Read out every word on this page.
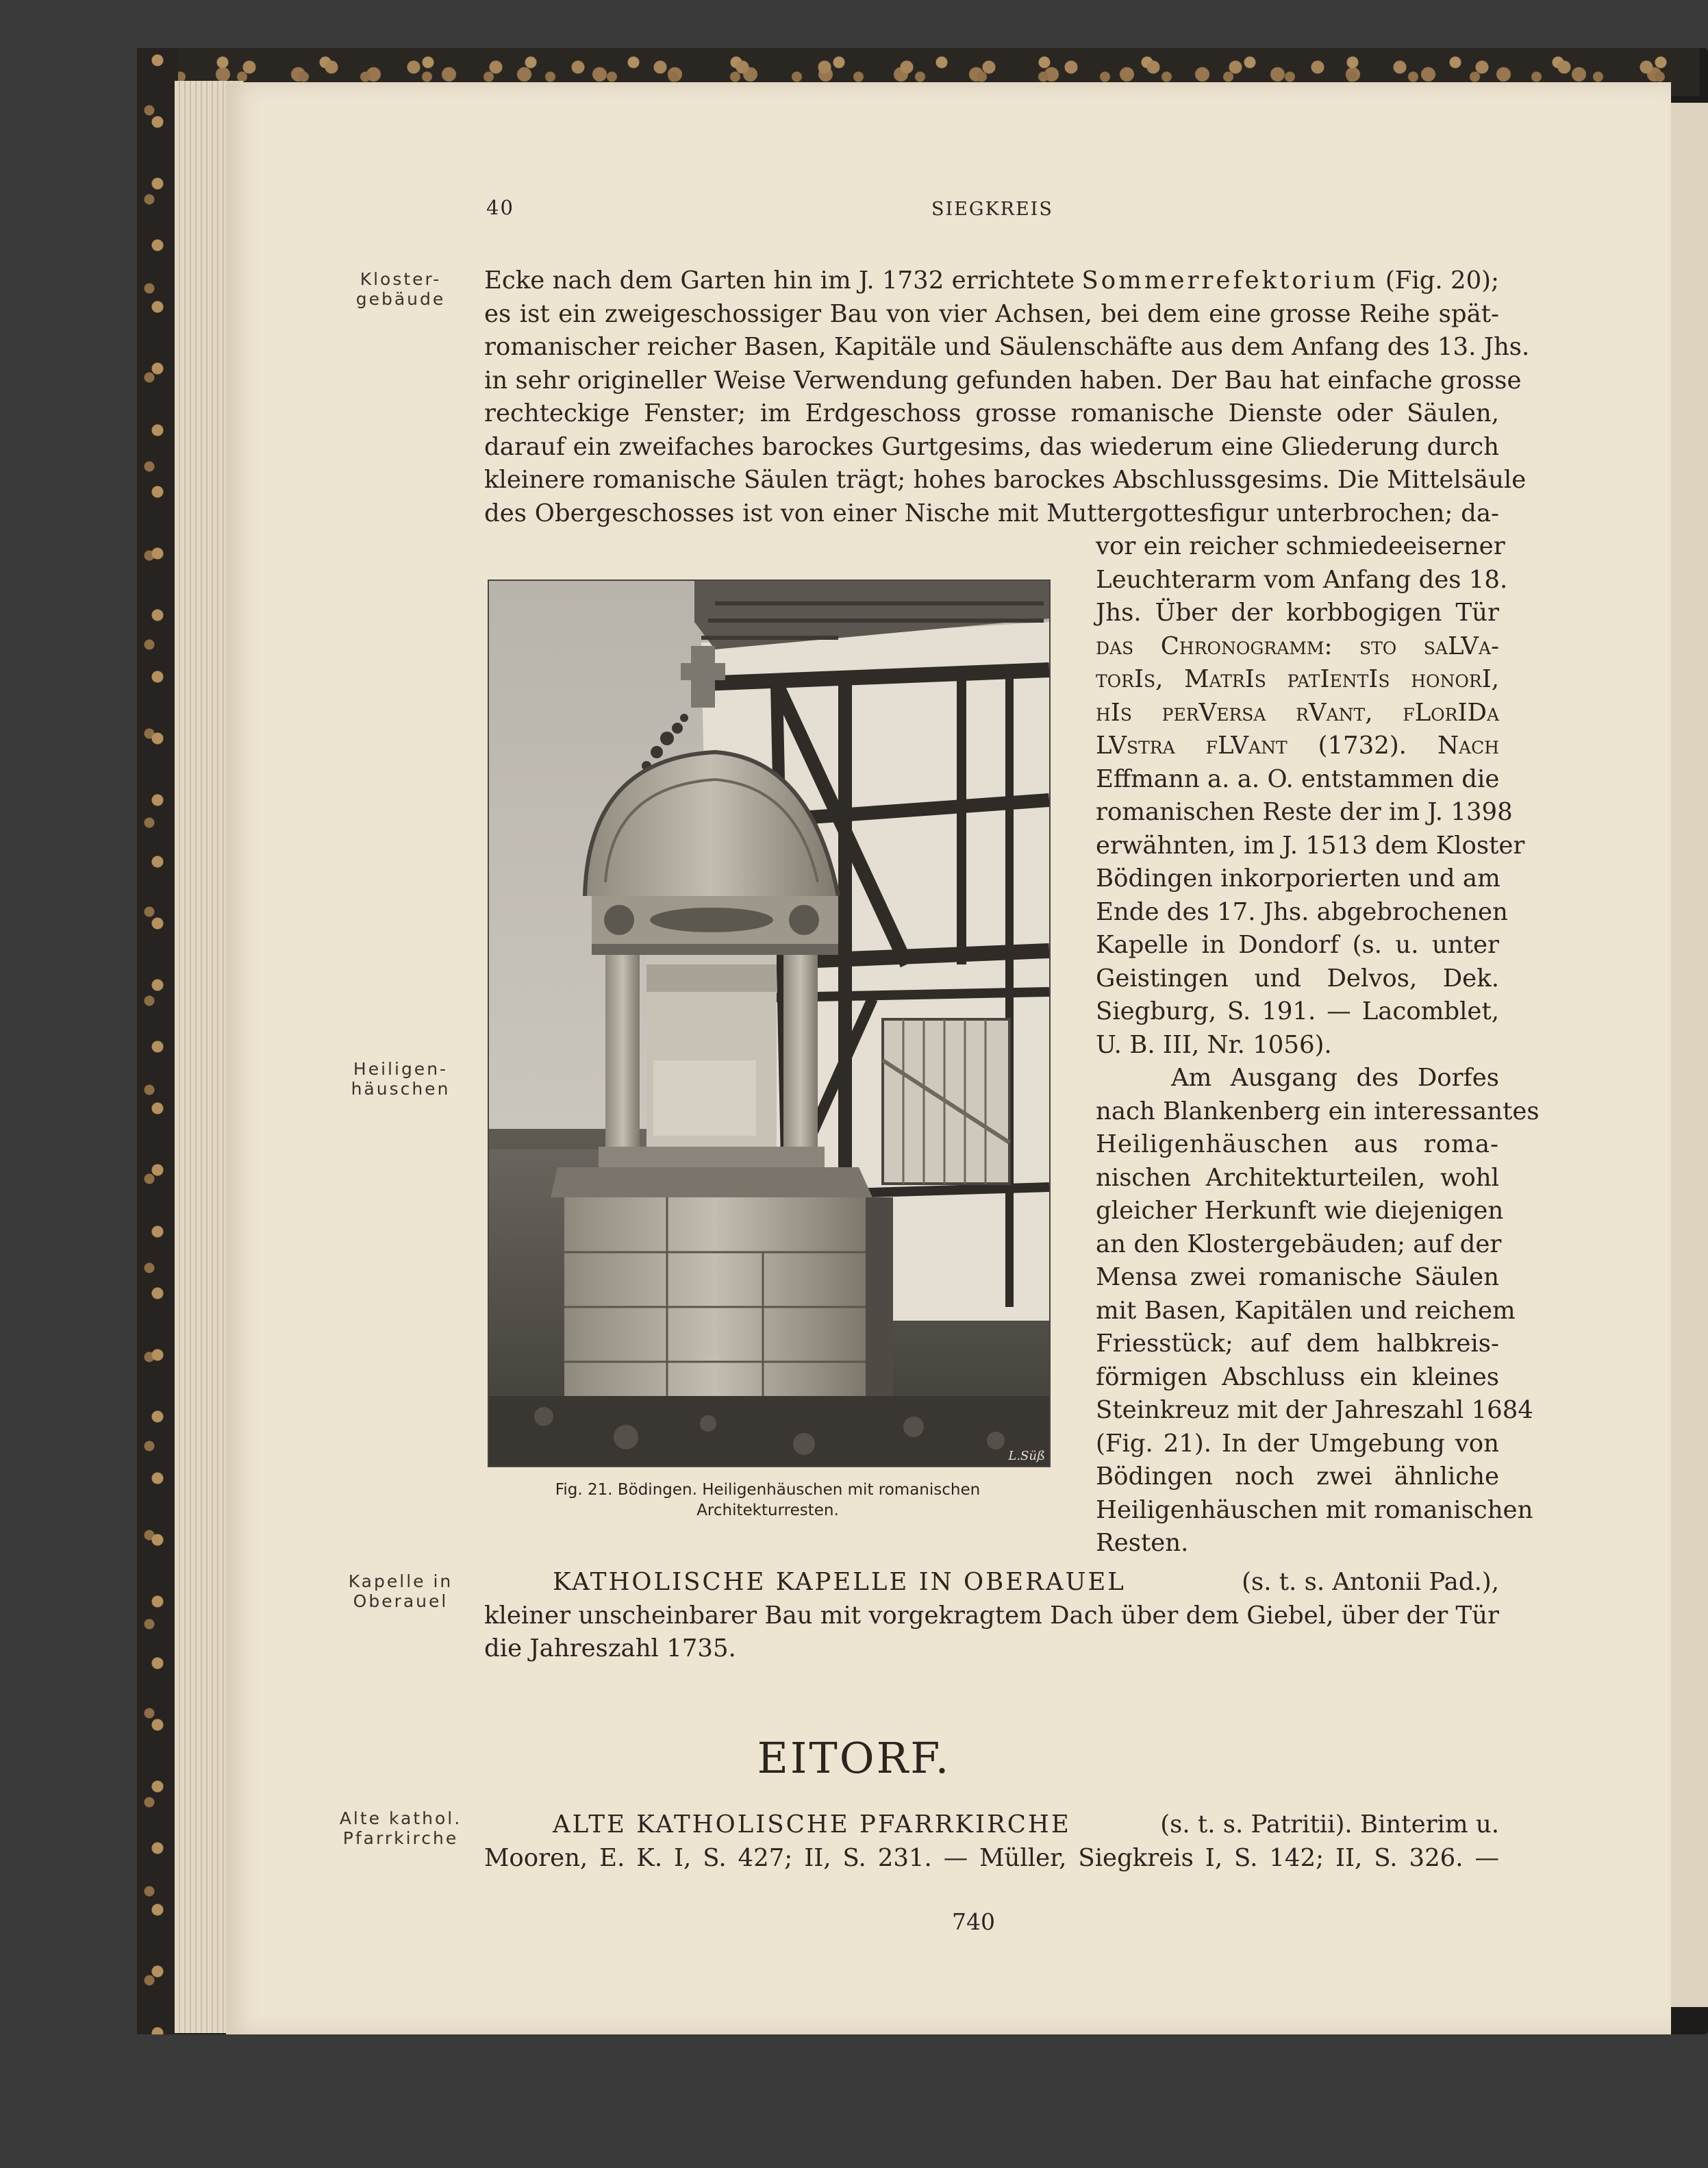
40	SIEGKREIS
Kloster-
gebäude
Heiligen-
häuschen
Kapelle in
Oberauel
Alte kathol.
Pfarrkirche
Ecke nach dem Garten hin im J. 1732 errichtete Sommerrefektorium (Fig. 20);
es ist ein zweigeschossiger Bau von vier Achsen, bei dem eine grosse Reihe spät-
romanischer reicher Basen, Kapitäle und Säulenschäfte aus dem Anfang des 13. Jhs.
in sehr origineller Weise Verwendung gefunden haben. Der Bau hat einfache grosse
rechteckige Fenster; im Erdgeschoss grosse romanische Dienste oder Säulen,
darauf ein zweifaches barockes Gurtgesims, das wiederum eine Gliederung durch
kleinere romanische Säulen trägt; hohes barockes Abschlussgesims. Die Mittelsäule
des Obergeschosses ist von einer Nische mit Muttergottesfigur unterbrochen; da-
vor ein reicher schmiedeeiserner
Leuchterarm vom Anfang des 18.
Jhs. Über der korbbogigen Tür
das Chronogramm: sto saLVa-
torIs, MatrIs patIentIs honorI,
hIs perVersa rVant, fLorIDa
LVstra fLVant (1732). Nach
Effmann a. a. O. entstammen die
romanischen Reste der im J. 1398
erwähnten, im J. 1513 dem Kloster
Bödingen inkorporierten und am
Ende des 17. Jhs. abgebrochenen
Kapelle in Dondorf (s. u. unter
Geistingen und Delvos, Dek.
Siegburg, S. 191. — Lacomblet,
U. B. III, Nr. 1056).
Am Ausgang des Dorfes
nach Blankenberg ein interessantes
Heiligenhäuschen aus roma-
nischen Architekturteilen, wohl
gleicher Herkunft wie diejenigen
an den Klostergebäuden; auf der
Mensa zwei romanische Säulen
mit Basen, Kapitälen und reichem
Friesstück; auf dem halbkreis-
förmigen Abschluss ein kleines
Steinkreuz mit der Jahreszahl 1684
(Fig. 21). In der Umgebung von
Bödingen noch zwei ähnliche
Heiligenhäuschen mit romanischen
Resten.
L.Süß
Fig. 21. Bödingen. Heiligenhäuschen mit romanischen
Architekturresten.
KATHOLISCHE KAPELLE IN OBERAUEL	(s. t. s. Antonii Pad.),
kleiner unscheinbarer Bau mit vorgekragtem Dach über dem Giebel, über der Tür
die Jahreszahl 1735.
EITORF.
ALTE KATHOLISCHE PFARRKIRCHE	(s. t. s. Patritii). Binterim u.
Mooren, E. K. I, S. 427; II, S. 231. — Müller, Siegkreis I, S. 142; II, S. 326. —
740
